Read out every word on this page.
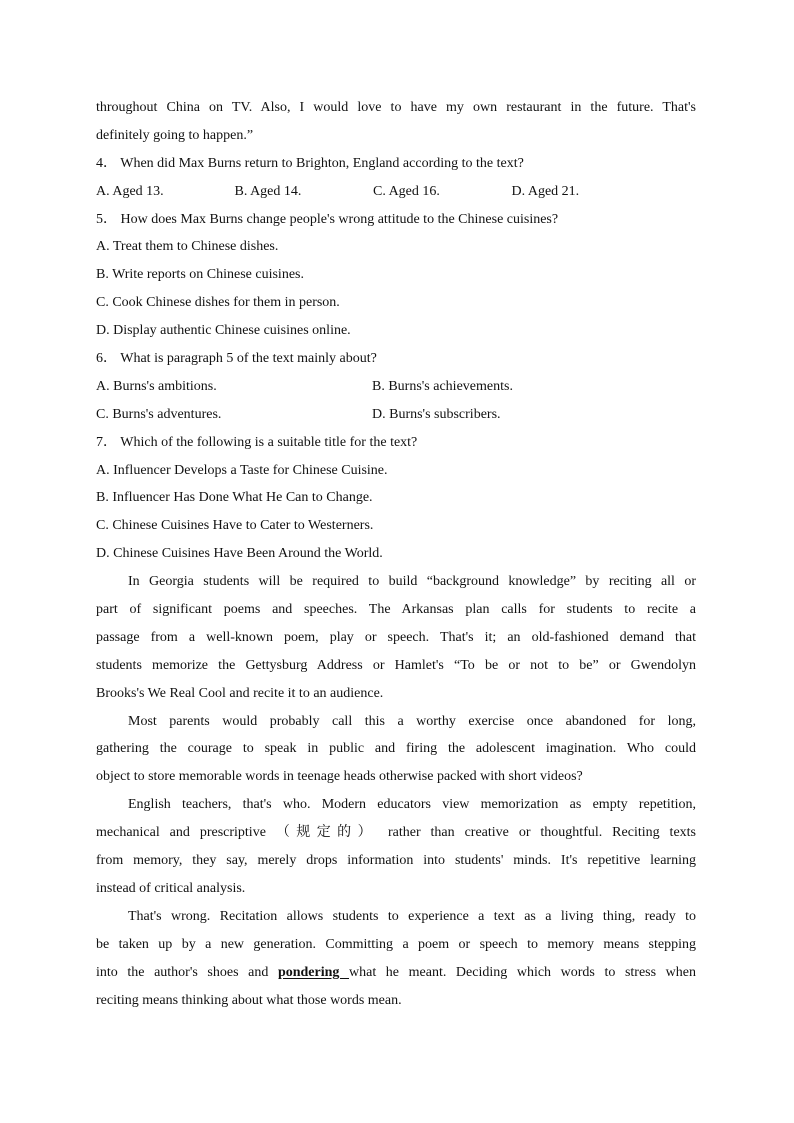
throughout China on TV. Also, I would love to have my own restaurant in the future. That's
definitely going to happen.”
4． When did Max Burns return to Brighton, England according to the text?
A. Aged 13.	B. Aged 14.	C. Aged 16.	D. Aged 21.
5． How does Max Burns change people's wrong attitude to the Chinese cuisines?
A. Treat them to Chinese dishes.
B. Write reports on Chinese cuisines.
C. Cook Chinese dishes for them in person.
D. Display authentic Chinese cuisines online.
6． What is paragraph 5 of the text mainly about?
A. Burns's ambitions.	B. Burns's achievements.
C. Burns's adventures.	D. Burns's subscribers.
7． Which of the following is a suitable title for the text?
A. Influencer Develops a Taste for Chinese Cuisine.
B. Influencer Has Done What He Can to Change.
C. Chinese Cuisines Have to Cater to Westerners.
D. Chinese Cuisines Have Been Around the World.
In Georgia students will be required to build “background knowledge” by reciting all or
part of significant poems and speeches. The Arkansas plan calls for students to recite a
passage from a well-known poem, play or speech. That's it; an old-fashioned demand that
students memorize the Gettysburg Address or Hamlet's “To be or not to be” or Gwendolyn
Brooks's We Real Cool and recite it to an audience.
Most parents would probably call this a worthy exercise once abandoned for long,
gathering the courage to speak in public and firing the adolescent imagination. Who could
object to store memorable words in teenage heads otherwise packed with short videos?
English teachers, that's who. Modern educators view memorization as empty repetition,
mechanical and prescriptive （规定的） rather than creative or thoughtful. Reciting texts
from memory, they say, merely drops information into students' minds. It's repetitive learning
instead of critical analysis.
That's wrong. Recitation allows students to experience a text as a living thing, ready to
be taken up by a new generation. Committing a poem or speech to memory means stepping
into the author's shoes and pondering what he meant. Deciding which words to stress when
reciting means thinking about what those words mean.
